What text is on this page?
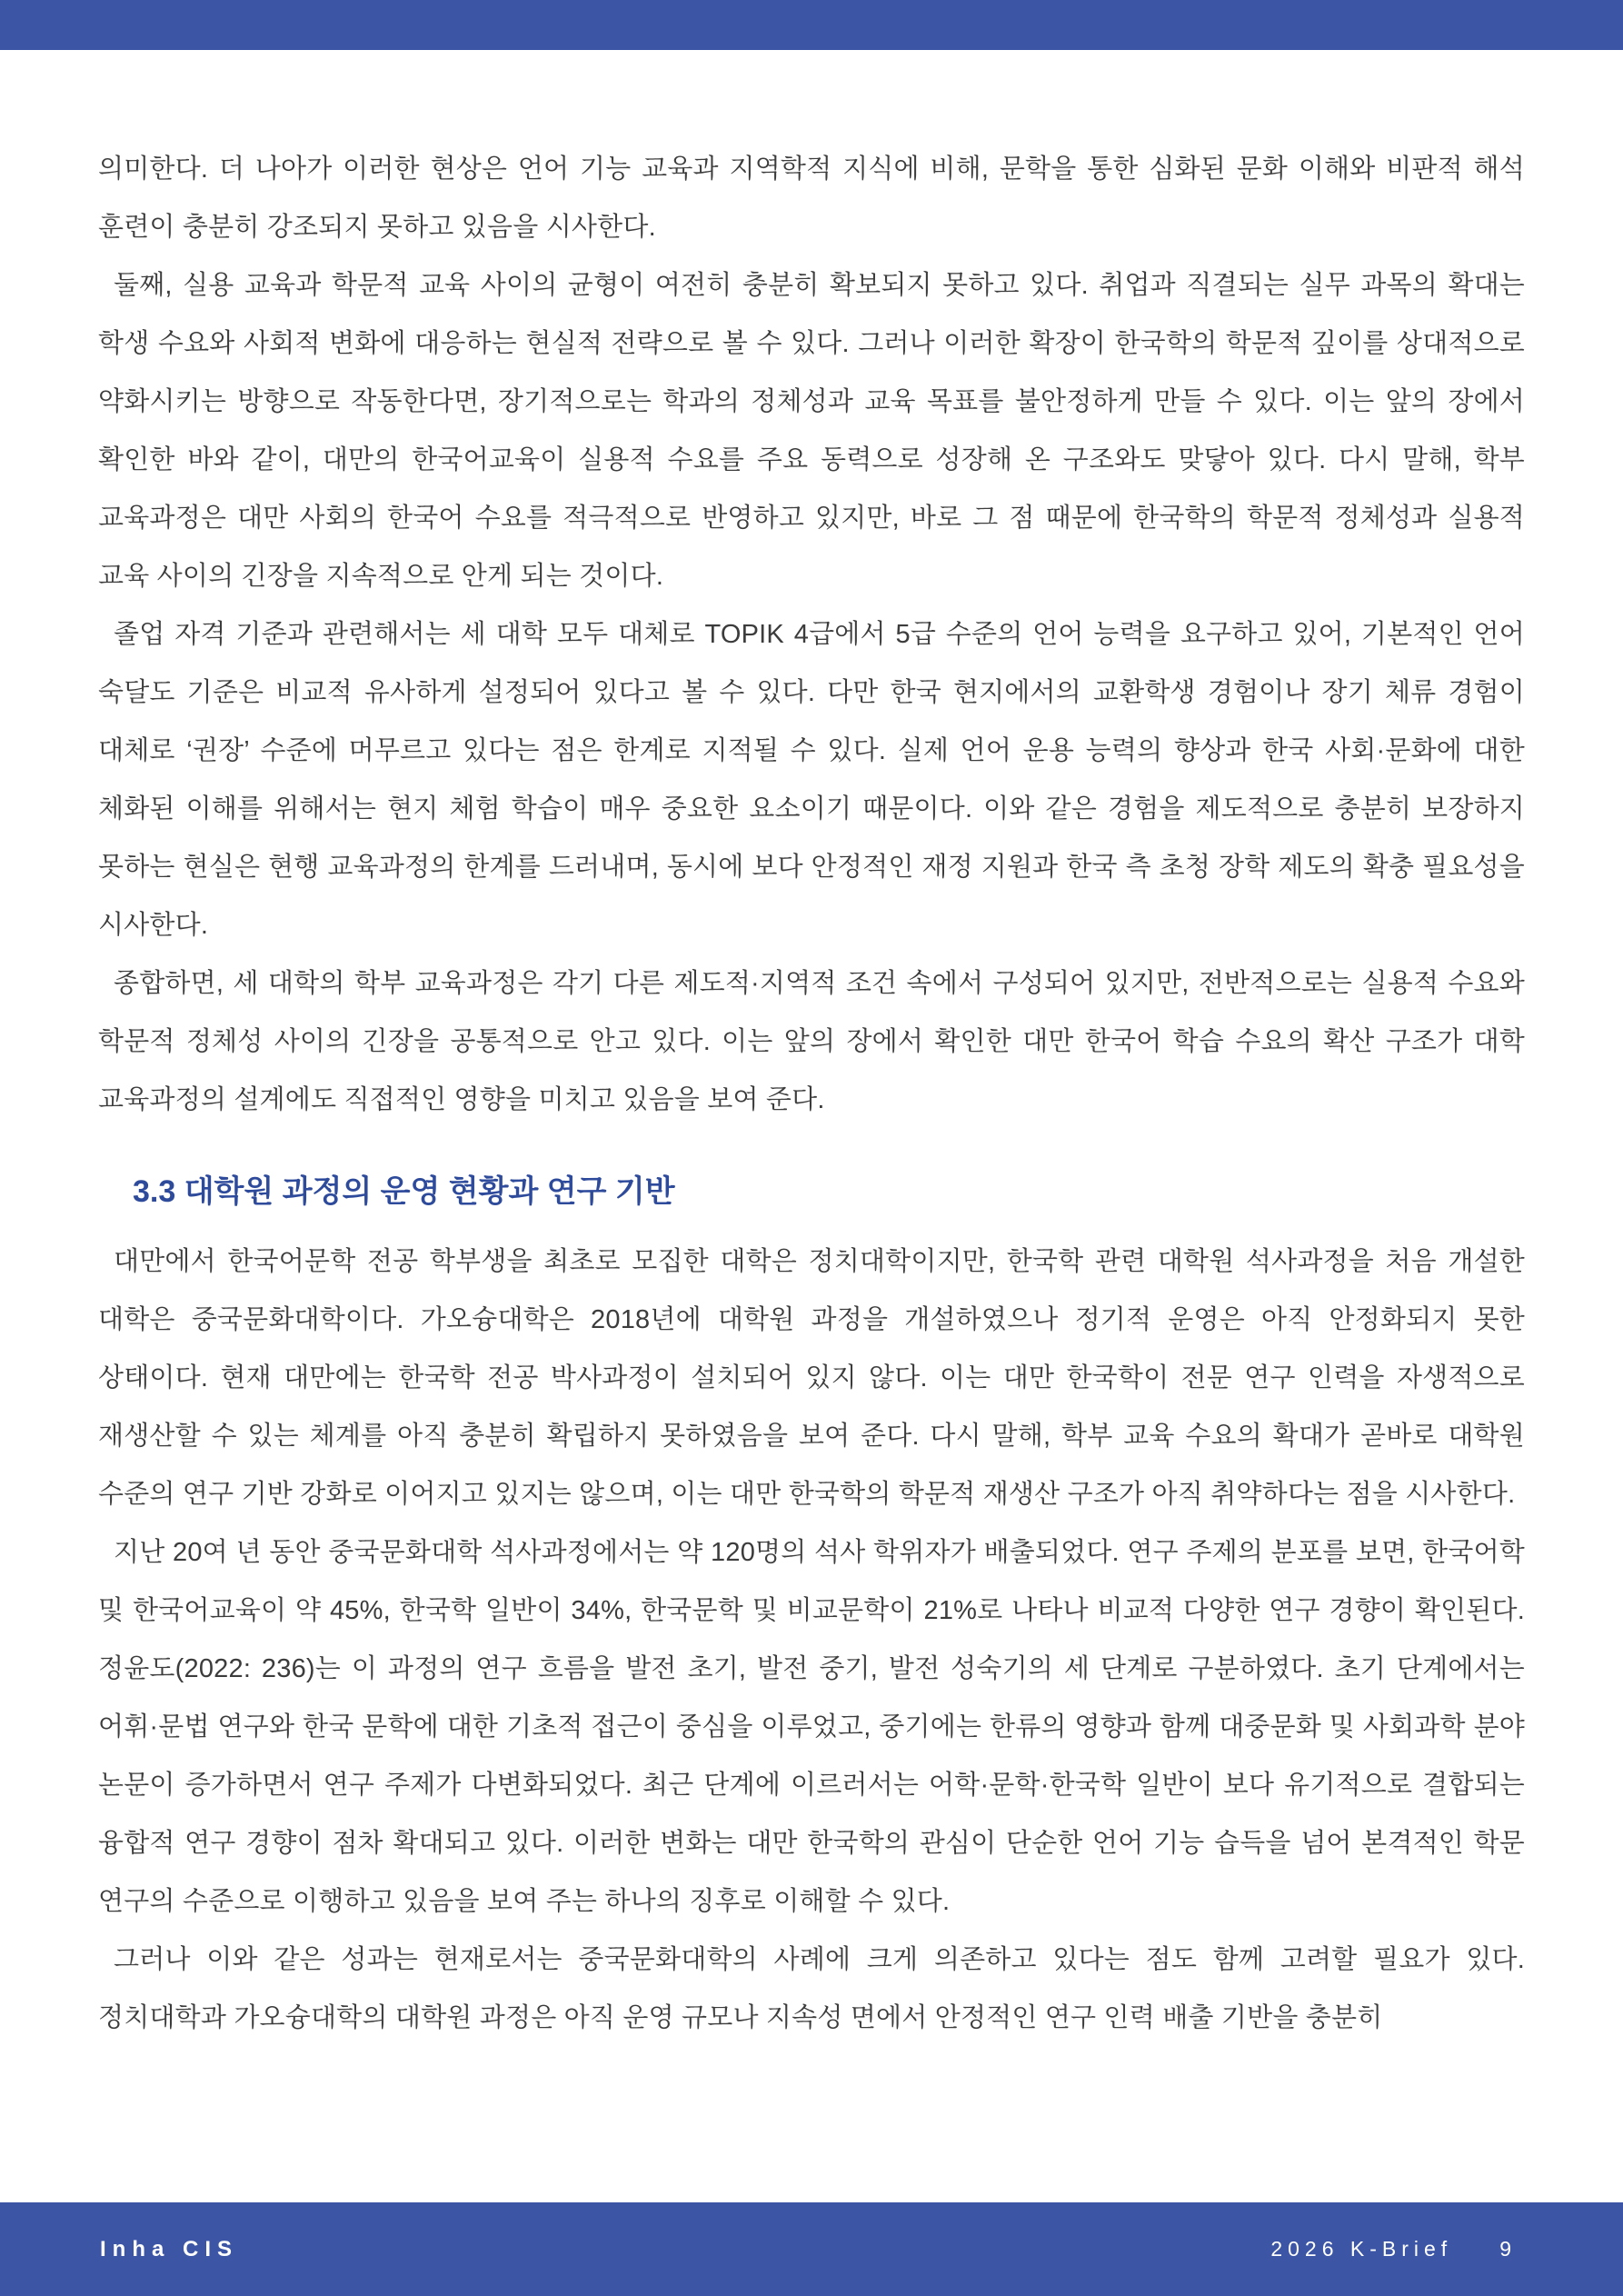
의미한다. 더 나아가 이러한 현상은 언어 기능 교육과 지역학적 지식에 비해, 문학을 통한 심화된 문화 이해와 비판적 해석 훈련이 충분히 강조되지 못하고 있음을 시사한다.

둘째, 실용 교육과 학문적 교육 사이의 균형이 여전히 충분히 확보되지 못하고 있다. 취업과 직결되는 실무 과목의 확대는 학생 수요와 사회적 변화에 대응하는 현실적 전략으로 볼 수 있다. 그러나 이러한 확장이 한국학의 학문적 깊이를 상대적으로 약화시키는 방향으로 작동한다면, 장기적으로는 학과의 정체성과 교육 목표를 불안정하게 만들 수 있다. 이는 앞의 장에서 확인한 바와 같이, 대만의 한국어교육이 실용적 수요를 주요 동력으로 성장해 온 구조와도 맞닿아 있다. 다시 말해, 학부 교육과정은 대만 사회의 한국어 수요를 적극적으로 반영하고 있지만, 바로 그 점 때문에 한국학의 학문적 정체성과 실용적 교육 사이의 긴장을 지속적으로 안게 되는 것이다.

졸업 자격 기준과 관련해서는 세 대학 모두 대체로 TOPIK 4급에서 5급 수준의 언어 능력을 요구하고 있어, 기본적인 언어 숙달도 기준은 비교적 유사하게 설정되어 있다고 볼 수 있다. 다만 한국 현지에서의 교환학생 경험이나 장기 체류 경험이 대체로 ‘권장’ 수준에 머무르고 있다는 점은 한계로 지적될 수 있다. 실제 언어 운용 능력의 향상과 한국 사회·문화에 대한 체화된 이해를 위해서는 현지 체험 학습이 매우 중요한 요소이기 때문이다. 이와 같은 경험을 제도적으로 충분히 보장하지 못하는 현실은 현행 교육과정의 한계를 드러내며, 동시에 보다 안정적인 재정 지원과 한국 측 초청 장학 제도의 확충 필요성을 시사한다.

종합하면, 세 대학의 학부 교육과정은 각기 다른 제도적·지역적 조건 속에서 구성되어 있지만, 전반적으로는 실용적 수요와 학문적 정체성 사이의 긴장을 공통적으로 안고 있다. 이는 앞의 장에서 확인한 대만 한국어 학습 수요의 확산 구조가 대학 교육과정의 설계에도 직접적인 영향을 미치고 있음을 보여 준다.

3.3 대학원 과정의 운영 현황과 연구 기반

대만에서 한국어문학 전공 학부생을 최초로 모집한 대학은 정치대학이지만, 한국학 관련 대학원 석사과정을 처음 개설한 대학은 중국문화대학이다. 가오슝대학은 2018년에 대학원 과정을 개설하였으나 정기적 운영은 아직 안정화되지 못한 상태이다. 현재 대만에는 한국학 전공 박사과정이 설치되어 있지 않다. 이는 대만 한국학이 전문 연구 인력을 자생적으로 재생산할 수 있는 체계를 아직 충분히 확립하지 못하였음을 보여 준다. 다시 말해, 학부 교육 수요의 확대가 곧바로 대학원 수준의 연구 기반 강화로 이어지고 있지는 않으며, 이는 대만 한국학의 학문적 재생산 구조가 아직 취약하다는 점을 시사한다.

지난 20여 년 동안 중국문화대학 석사과정에서는 약 120명의 석사 학위자가 배출되었다. 연구 주제의 분포를 보면, 한국어학 및 한국어교육이 약 45%, 한국학 일반이 34%, 한국문학 및 비교문학이 21%로 나타나 비교적 다양한 연구 경향이 확인된다. 정윤도(2022: 236)는 이 과정의 연구 흐름을 발전 초기, 발전 중기, 발전 성숙기의 세 단계로 구분하였다. 초기 단계에서는 어휘·문법 연구와 한국 문학에 대한 기초적 접근이 중심을 이루었고, 중기에는 한류의 영향과 함께 대중문화 및 사회과학 분야 논문이 증가하면서 연구 주제가 다변화되었다. 최근 단계에 이르러서는 어학·문학·한국학 일반이 보다 유기적으로 결합되는 융합적 연구 경향이 점차 확대되고 있다. 이러한 변화는 대만 한국학의 관심이 단순한 언어 기능 습득을 넘어 본격적인 학문 연구의 수준으로 이행하고 있음을 보여 주는 하나의 징후로 이해할 수 있다.

그러나 이와 같은 성과는 현재로서는 중국문화대학의 사례에 크게 의존하고 있다는 점도 함께 고려할 필요가 있다. 정치대학과 가오슝대학의 대학원 과정은 아직 운영 규모나 지속성 면에서 안정적인 연구 인력 배출 기반을 충분히

Inha CIS	2026 K-Brief 9
